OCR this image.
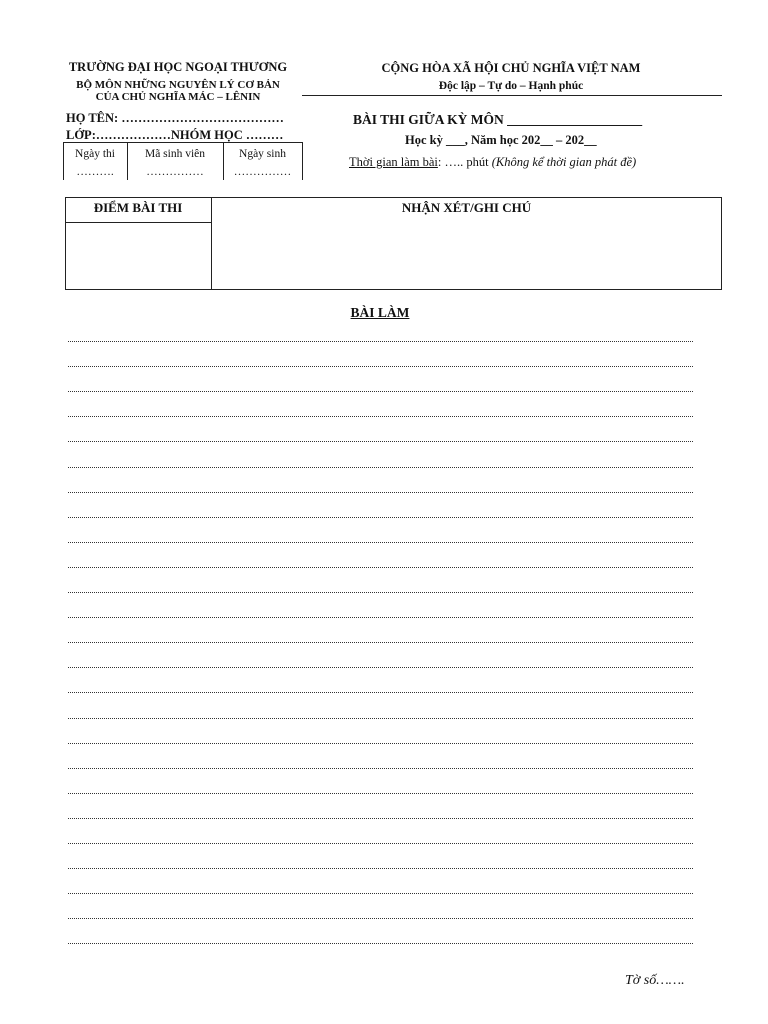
TRƯỜNG ĐẠI HỌC NGOẠI THƯƠNG
BỘ MÔN NHỮNG NGUYÊN LÝ CƠ BẢN
CỦA CHỦ NGHĨA MÁC – LÊNIN
HỌ TÊN: …………………………………
LỚP:………………NHÓM HỌC ………
Ngày thi	Mã sinh viên	Ngày sinh
……….	……………	……………
CỘNG HÒA XÃ HỘI CHỦ NGHĨA VIỆT NAM
Độc lập – Tự do – Hạnh phúc
BÀI THI GIỮA KỲ MÔN ____________________
Học kỳ ___, Năm học 202__ – 202__
Thời gian làm bài: ….. phút (Không kể thời gian phát đề)
ĐIỂM BÀI THI	NHẬN XÉT/GHI CHÚ
BÀI LÀM
Tờ số…….
